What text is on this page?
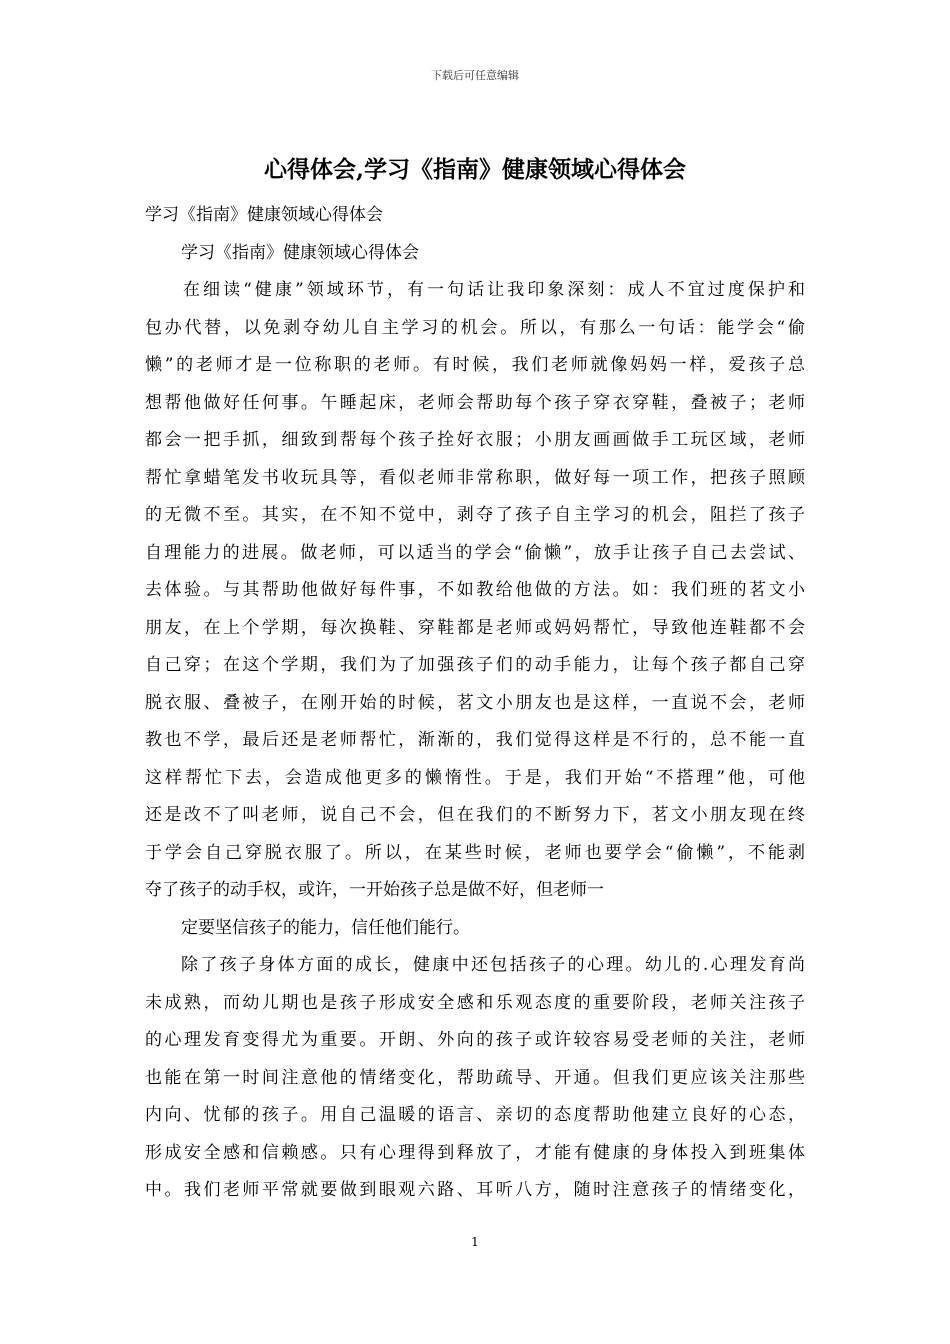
下载后可任意编辑
心得体会,学习《指南》健康领域心得体会
学习《指南》健康领域心得体会
学习《指南》健康领域心得体会
在细读“健康”领域环节，有一句话让我印象深刻：成人不宜过度保护和
包办代替，以免剥夺幼儿自主学习的机会。所以，有那么一句话：能学会“偷
懒”的老师才是一位称职的老师。有时候，我们老师就像妈妈一样，爱孩子总
想帮他做好任何事。午睡起床，老师会帮助每个孩子穿衣穿鞋，叠被子；老师
都会一把手抓，细致到帮每个孩子拴好衣服；小朋友画画做手工玩区域，老师
帮忙拿蜡笔发书收玩具等，看似老师非常称职，做好每一项工作，把孩子照顾
的无微不至。其实，在不知不觉中，剥夺了孩子自主学习的机会，阻拦了孩子
自理能力的进展。做老师，可以适当的学会“偷懒”，放手让孩子自己去尝试、
去体验。与其帮助他做好每件事，不如教给他做的方法。如：我们班的茗文小
朋友，在上个学期，每次换鞋、穿鞋都是老师或妈妈帮忙，导致他连鞋都不会
自己穿；在这个学期，我们为了加强孩子们的动手能力，让每个孩子都自己穿
脱衣服、叠被子，在刚开始的时候，茗文小朋友也是这样，一直说不会，老师
教也不学，最后还是老师帮忙，渐渐的，我们觉得这样是不行的，总不能一直
这样帮忙下去，会造成他更多的懒惰性。于是，我们开始“不搭理”他，可他
还是改不了叫老师，说自己不会，但在我们的不断努力下，茗文小朋友现在终
于学会自己穿脱衣服了。所以，在某些时候，老师也要学会“偷懒”，不能剥
夺了孩子的动手权，或许，一开始孩子总是做不好，但老师一
定要坚信孩子的能力，信任他们能行。
除了孩子身体方面的成长，健康中还包括孩子的心理。幼儿的.心理发育尚
未成熟，而幼儿期也是孩子形成安全感和乐观态度的重要阶段，老师关注孩子
的心理发育变得尤为重要。开朗、外向的孩子或许较容易受老师的关注，老师
也能在第一时间注意他的情绪变化，帮助疏导、开通。但我们更应该关注那些
内向、忧郁的孩子。用自己温暖的语言、亲切的态度帮助他建立良好的心态，
形成安全感和信赖感。只有心理得到释放了，才能有健康的身体投入到班集体
中。我们老师平常就要做到眼观六路、耳听八方，随时注意孩子的情绪变化，
1
